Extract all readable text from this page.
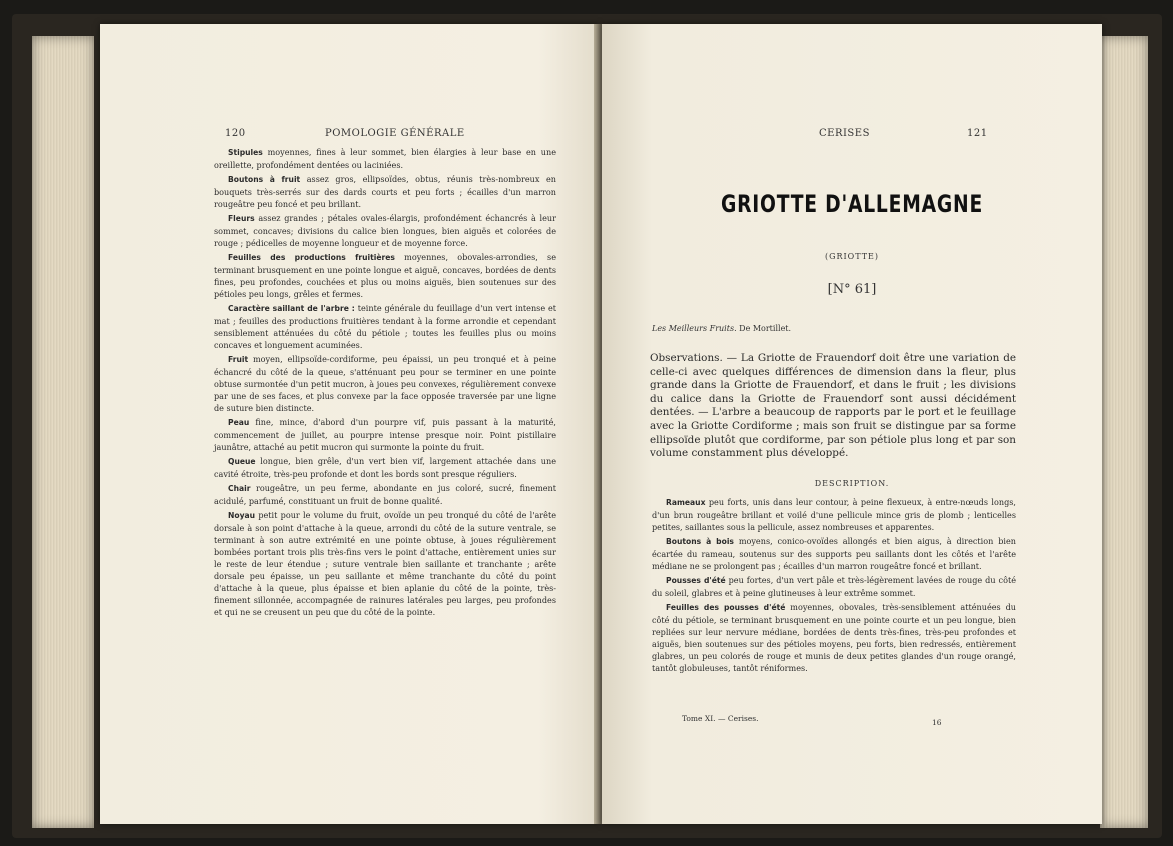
120	POMOLOGIE GÉNÉRALE

Stipules moyennes, fines à leur sommet, bien élargies à leur base en une oreillette, profondément dentées ou laciniées.

Boutons à fruit assez gros, ellipsoïdes, obtus, réunis très-nombreux en bouquets très-serrés sur des dards courts et peu forts ; écailles d'un marron rougeâtre peu foncé et peu brillant.

Fleurs assez grandes ; pétales ovales-élargis, profondément échancrés à leur sommet, concaves; divisions du calice bien longues, bien aiguës et colorées de rouge ; pédicelles de moyenne longueur et de moyenne force.

Feuilles des productions fruitières moyennes, obovales-arrondies, se terminant brusquement en une pointe longue et aiguë, concaves, bordées de dents fines, peu profondes, couchées et plus ou moins aiguës, bien soutenues sur des pétioles peu longs, grêles et fermes.

Caractère saillant de l'arbre : teinte générale du feuillage d'un vert intense et mat ; feuilles des productions fruitières tendant à la forme arrondie et cependant sensiblement atténuées du côté du pétiole ; toutes les feuilles plus ou moins concaves et longuement acuminées.

Fruit moyen, ellipsoïde-cordiforme, peu épaissi, un peu tronqué et à peine échancré du côté de la queue, s'atténuant peu pour se terminer en une pointe obtuse surmontée d'un petit mucron, à joues peu convexes, régulièrement convexe par une de ses faces, et plus convexe par la face opposée traversée par une ligne de suture bien distincte.

Peau fine, mince, d'abord d'un pourpre vif, puis passant à la maturité, commencement de juillet, au pourpre intense presque noir. Point pistillaire jaunâtre, attaché au petit mucron qui surmonte la pointe du fruit.

Queue longue, bien grêle, d'un vert bien vif, largement attachée dans une cavité étroite, très-peu profonde et dont les bords sont presque réguliers.

Chair rougeâtre, un peu ferme, abondante en jus coloré, sucré, finement acidulé, parfumé, constituant un fruit de bonne qualité.

Noyau petit pour le volume du fruit, ovoïde un peu tronqué du côté de l'arête dorsale à son point d'attache à la queue, arrondi du côté de la suture ventrale, se terminant à son autre extrémité en une pointe obtuse, à joues régulièrement bombées portant trois plis très-fins vers le point d'attache, entièrement unies sur le reste de leur étendue ; suture ventrale bien saillante et tranchante ; arête dorsale peu épaisse, un peu saillante et même tranchante du côté du point d'attache à la queue, plus épaisse et bien aplanie du côté de la pointe, très-finement sillonnée, accompagnée de rainures latérales peu larges, peu profondes et qui ne se creusent un peu que du côté de la pointe.

CERISES	121
GRIOTTE D'ALLEMAGNE
(GRIOTTE)
[N° 61]
Les Meilleurs Fruits. De Mortillet.
Observations. — La Griotte de Frauendorf doit être une variation de celle-ci avec quelques différences de dimension dans la fleur, plus grande dans la Griotte de Frauendorf, et dans le fruit ; les divisions du calice dans la Griotte de Frauendorf sont aussi décidément dentées. — L'arbre a beaucoup de rapports par le port et le feuillage avec la Griotte Cordiforme ; mais son fruit se distingue par sa forme ellipsoïde plutôt que cordiforme, par son pétiole plus long et par son volume constamment plus développé.
DESCRIPTION.

Rameaux peu forts, unis dans leur contour, à peine flexueux, à entre-nœuds longs, d'un brun rougeâtre brillant et voilé d'une pellicule mince gris de plomb ; lenticelles petites, saillantes sous la pellicule, assez nombreuses et apparentes.

Boutons à bois moyens, conico-ovoïdes allongés et bien aigus, à direction bien écartée du rameau, soutenus sur des supports peu saillants dont les côtés et l'arête médiane ne se prolongent pas ; écailles d'un marron rougeâtre foncé et brillant.

Pousses d'été peu fortes, d'un vert pâle et très-légèrement lavées de rouge du côté du soleil, glabres et à peine glutineuses à leur extrême sommet.

Feuilles des pousses d'été moyennes, obovales, très-sensiblement atténuées du côté du pétiole, se terminant brusquement en une pointe courte et un peu longue, bien repliées sur leur nervure médiane, bordées de dents très-fines, très-peu profondes et aiguës, bien soutenues sur des pétioles moyens, peu forts, bien redressés, entièrement glabres, un peu colorés de rouge et munis de deux petites glandes d'un rouge orangé, tantôt globuleuses, tantôt réniformes.

Tome XI. — Cerises.	16
